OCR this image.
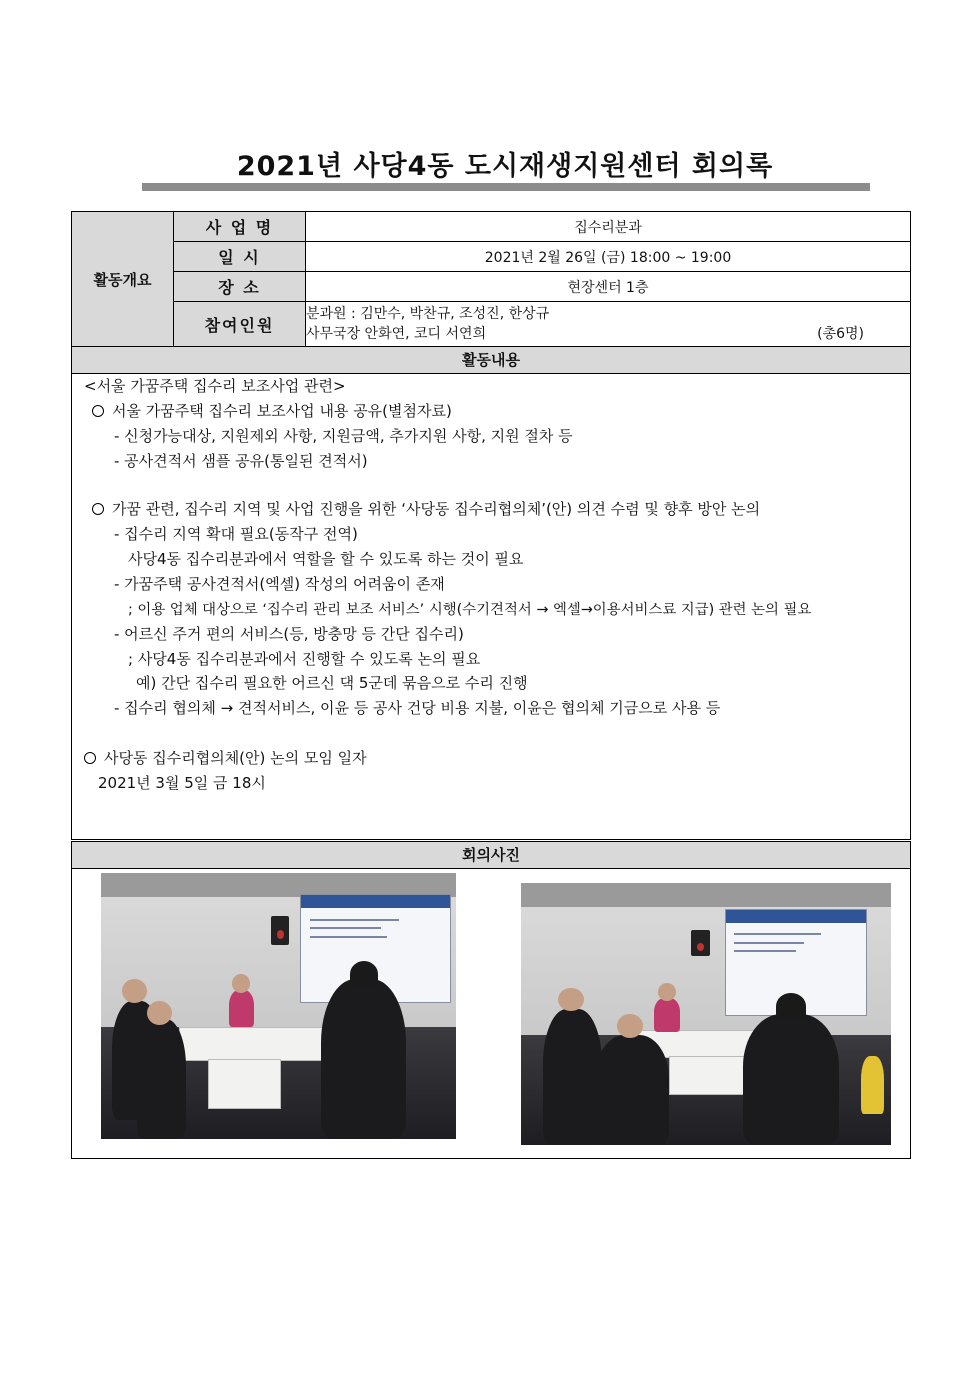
2021년 사당4동 도시재생지원센터 회의록
활동개요	사 업 명	집수리분과
	일 시	2021년 2월 26일 (금) 18:00 ~ 19:00
	장 소	현장센터 1층
	참여인원	분과원 : 김만수, 박찬규, 조성진, 한상규
사무국장 안화연, 코디 서연희 (총6명)
활동내용
<서울 가꿈주택 집수리 보조사업 관련>
서울 가꿈주택 집수리 보조사업 내용 공유(별첨자료)
- 신청가능대상, 지원제외 사항, 지원금액, 추가지원 사항, 지원 절차 등
- 공사견적서 샘플 공유(통일된 견적서)
가꿈 관련, 집수리 지역 및 사업 진행을 위한 ‘사당동 집수리협의체’(안) 의견 수렴 및 향후 방안 논의
- 집수리 지역 확대 필요(동작구 전역)
사당4동 집수리분과에서 역할을 할 수 있도록 하는 것이 필요
- 가꿈주택 공사견적서(엑셀) 작성의 어려움이 존재
; 이용 업체 대상으로 ‘집수리 관리 보조 서비스’ 시행(수기견적서 → 엑셀→이용서비스료 지급) 관련 논의 필요
- 어르신 주거 편의 서비스(등, 방충망 등 간단 집수리)
; 사당4동 집수리분과에서 진행할 수 있도록 논의 필요
예) 간단 집수리 필요한 어르신 댁 5군데 묶음으로 수리 진행
- 집수리 협의체 → 견적서비스, 이윤 등 공사 건당 비용 지불, 이윤은 협의체 기금으로 사용 등
사당동 집수리협의체(안) 논의 모임 일자
2021년 3월 5일 금 18시
회의사진
